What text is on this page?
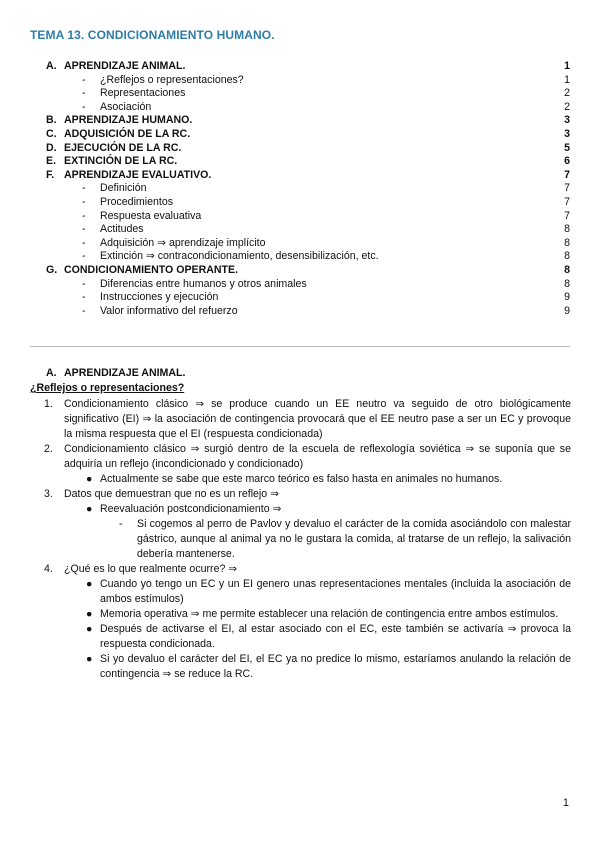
TEMA 13. CONDICIONAMIENTO HUMANO.
A. APRENDIZAJE ANIMAL.	1
- ¿Reflejos o representaciones?	1
- Representaciones	2
- Asociación	2
B. APRENDIZAJE HUMANO.	3
C. ADQUISICIÓN DE LA RC.	3
D. EJECUCIÓN DE LA RC.	5
E. EXTINCIÓN DE LA RC.	6
F. APRENDIZAJE EVALUATIVO.	7
- Definición	7
- Procedimientos	7
- Respuesta evaluativa	7
- Actitudes	8
- Adquisición ⇒ aprendizaje implícito	8
- Extinción ⇒ contracondicionamiento, desensibilización, etc.	8
G. CONDICIONAMIENTO OPERANTE.	8
- Diferencias entre humanos y otros animales	8
- Instrucciones y ejecución	9
- Valor informativo del refuerzo	9
A. APRENDIZAJE ANIMAL.
¿Reflejos o representaciones?
1. Condicionamiento clásico ⇒ se produce cuando un EE neutro va seguido de otro biológicamente significativo (EI) ⇒ la asociación de contingencia provocará que el EE neutro pase a ser un EC y provoque la misma respuesta que el EI (respuesta condicionada)
2. Condicionamiento clásico ⇒ surgió dentro de la escuela de reflexología soviética ⇒ se suponía que se adquiría un reflejo (incondicionado y condicionado)
● Actualmente se sabe que este marco teórico es falso hasta en animales no humanos.
3. Datos que demuestran que no es un reflejo ⇒
● Reevaluación postcondicionamiento ⇒
- Si cogemos al perro de Pavlov y devaluo el carácter de la comida asociándolo con malestar gástrico, aunque al animal ya no le gustara la comida, al tratarse de un reflejo, la salivación debería mantenerse.
4. ¿Qué es lo que realmente ocurre? ⇒
● Cuando yo tengo un EC y un EI genero unas representaciones mentales (incluida la asociación de ambos estímulos)
● Memoria operativa ⇒ me permite establecer una relación de contingencia entre ambos estímulos.
● Después de activarse el EI, al estar asociado con el EC, este también se activaría ⇒ provoca la respuesta condicionada.
● Si yo devaluo el carácter del EI, el EC ya no predice lo mismo, estaríamos anulando la relación de contingencia ⇒ se reduce la RC.
1
